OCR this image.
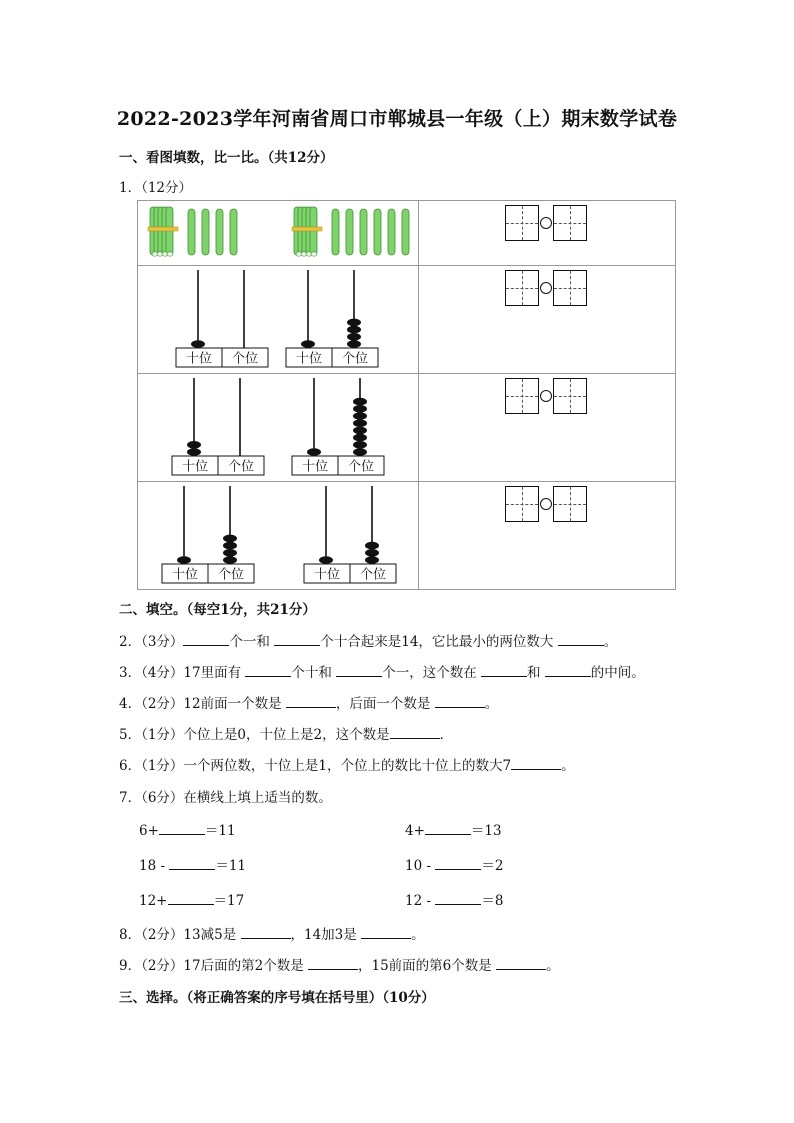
2022-2023学年河南省周口市郸城县一年级（上）期末数学试卷
一、看图填数，比一比。（共12分）
1．（12分）

十位 个位 十位 个位	

十位 个位 十位 个位	

十位 个位 十位 个位	

二、填空。（每空1分，共21分）
2．（3分）	个一和	个十合起来是14，它比最小的两位数大	。
3．（4分）17里面有	个十和	个一，这个数在	和	的中间。
4．（2分）12前面一个数是	，后面一个数是	。
5．（1分）个位上是0，十位上是2，这个数是	．
6．（1分）一个两位数，十位上是1，个位上的数比十位上的数大7	。
7．（6分）在横线上填上适当的数。
6+	＝11	4+	＝13
18 -	＝11	10 -	＝2
12+	＝17	12 -	＝8
8．（2分）13减5是	，14加3是	。
9．（2分）17后面的第2个数是	，15前面的第6个数是	。
三、选择。（将正确答案的序号填在括号里）（10分）
